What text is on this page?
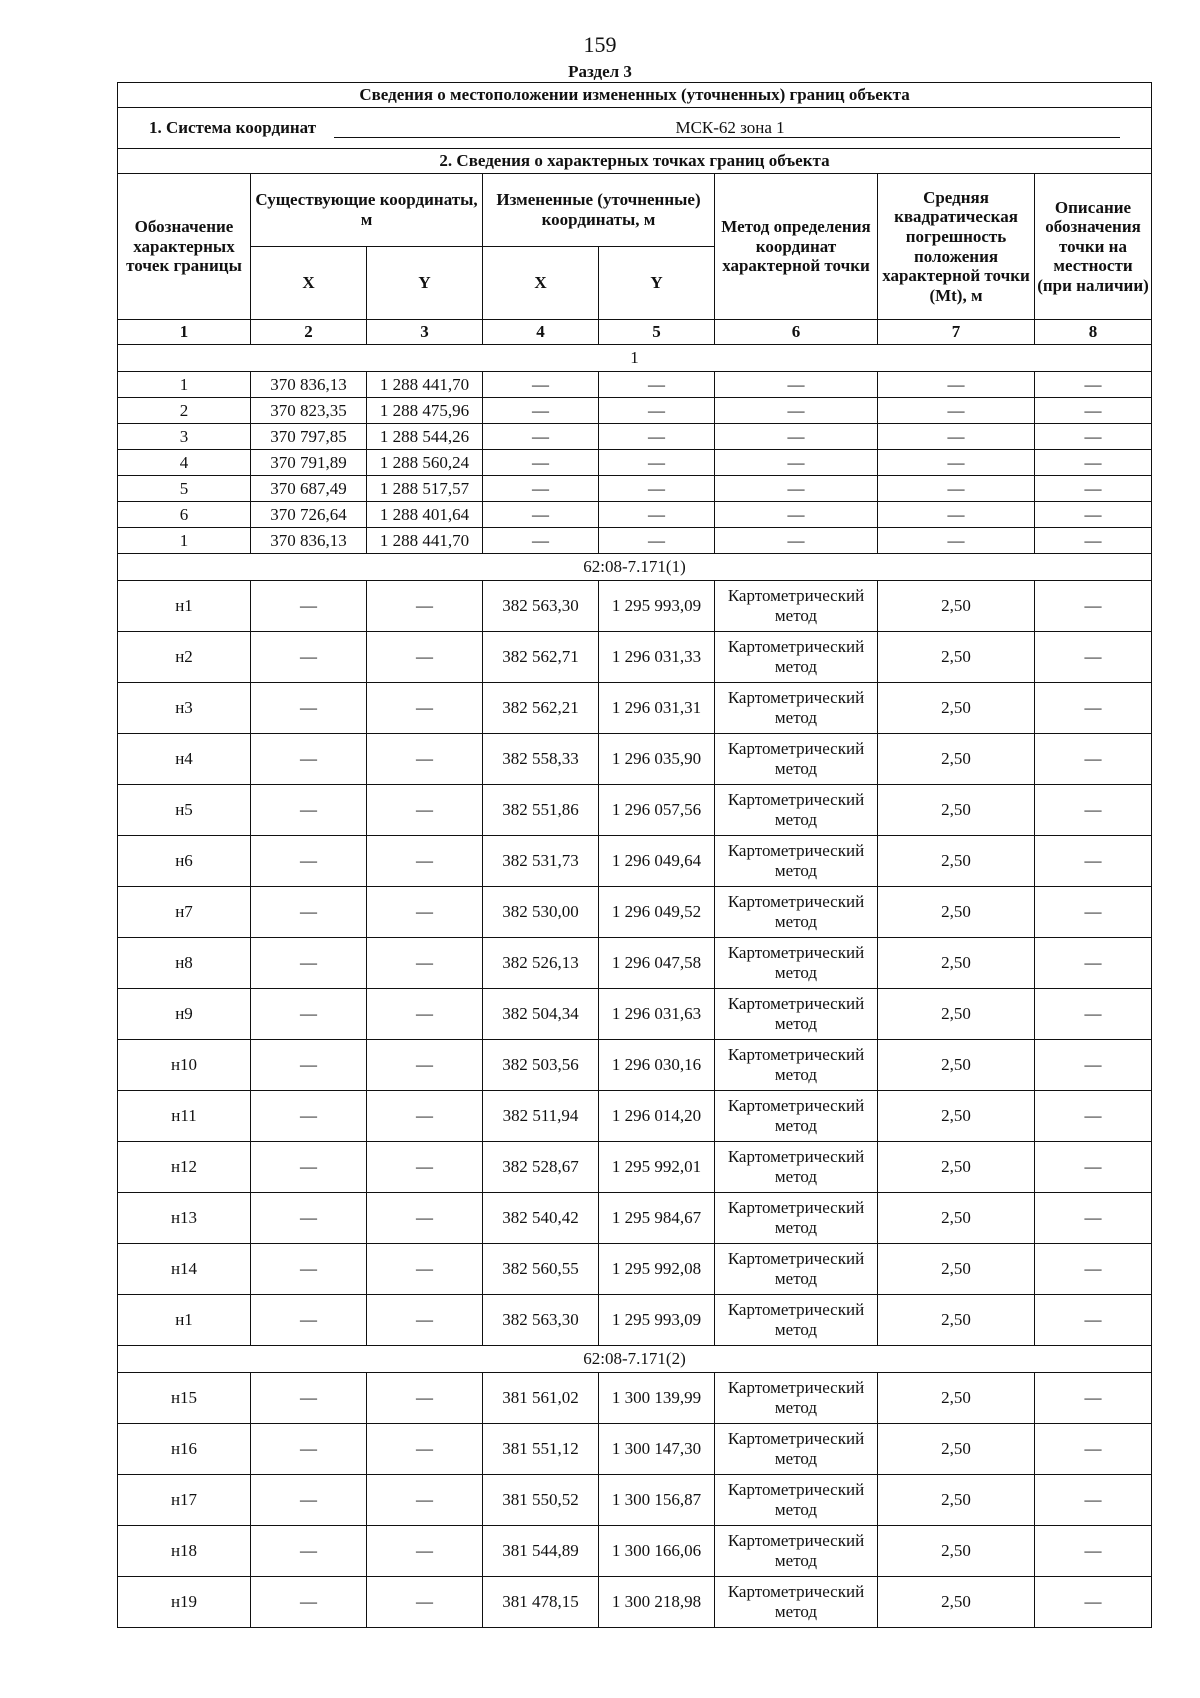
159
Раздел 3
Сведения о местоположении измененных (уточненных) границ объекта							
1. Система координат МСК-62 зона 1							
2. Сведения о характерных точках границ объекта							
Обозначение характерных точек границы	Существующие координаты, м		Измененные (уточненные) координаты, м		Метод определения координат характерной точки	Средняя квадратическая погрешность положения характерной точки (Mt), м	Описание обозначения точки на местности (при наличии)
	X	Y	X	Y			
1	2	3	4	5	6	7	8
1							
1	370 836,13	1 288 441,70	—	—	—	—	—
2	370 823,35	1 288 475,96	—	—	—	—	—
3	370 797,85	1 288 544,26	—	—	—	—	—
4	370 791,89	1 288 560,24	—	—	—	—	—
5	370 687,49	1 288 517,57	—	—	—	—	—
6	370 726,64	1 288 401,64	—	—	—	—	—
1	370 836,13	1 288 441,70	—	—	—	—	—
62:08-7.171(1)							
н1	—	—	382 563,30	1 295 993,09	Картометрический метод	2,50	—
н2	—	—	382 562,71	1 296 031,33	Картометрический метод	2,50	—
н3	—	—	382 562,21	1 296 031,31	Картометрический метод	2,50	—
н4	—	—	382 558,33	1 296 035,90	Картометрический метод	2,50	—
н5	—	—	382 551,86	1 296 057,56	Картометрический метод	2,50	—
н6	—	—	382 531,73	1 296 049,64	Картометрический метод	2,50	—
н7	—	—	382 530,00	1 296 049,52	Картометрический метод	2,50	—
н8	—	—	382 526,13	1 296 047,58	Картометрический метод	2,50	—
н9	—	—	382 504,34	1 296 031,63	Картометрический метод	2,50	—
н10	—	—	382 503,56	1 296 030,16	Картометрический метод	2,50	—
н11	—	—	382 511,94	1 296 014,20	Картометрический метод	2,50	—
н12	—	—	382 528,67	1 295 992,01	Картометрический метод	2,50	—
н13	—	—	382 540,42	1 295 984,67	Картометрический метод	2,50	—
н14	—	—	382 560,55	1 295 992,08	Картометрический метод	2,50	—
н1	—	—	382 563,30	1 295 993,09	Картометрический метод	2,50	—
62:08-7.171(2)							
н15	—	—	381 561,02	1 300 139,99	Картометрический метод	2,50	—
н16	—	—	381 551,12	1 300 147,30	Картометрический метод	2,50	—
н17	—	—	381 550,52	1 300 156,87	Картометрический метод	2,50	—
н18	—	—	381 544,89	1 300 166,06	Картометрический метод	2,50	—
н19	—	—	381 478,15	1 300 218,98	Картометрический метод	2,50	—
